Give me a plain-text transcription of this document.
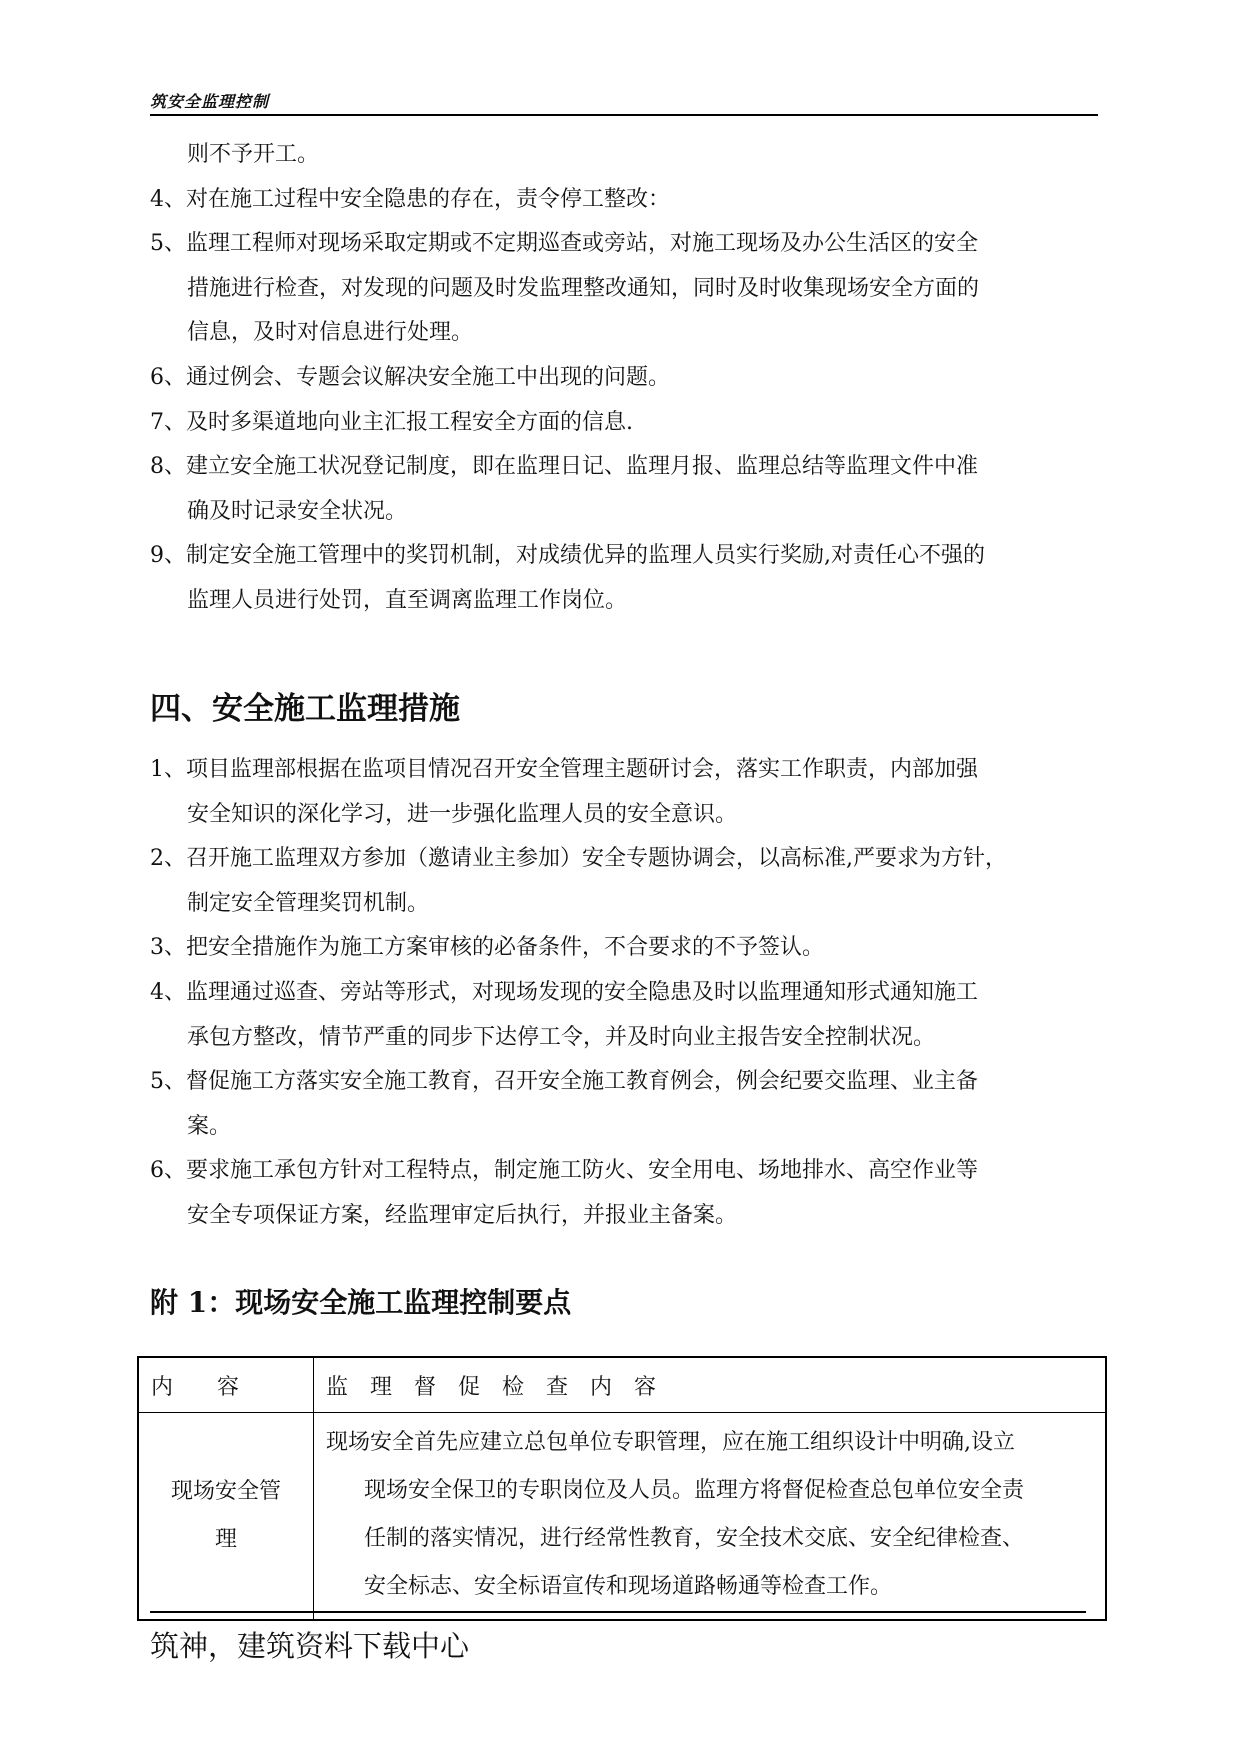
筑安全监理控制
则不予开工。
4、对在施工过程中安全隐患的存在，责令停工整改：
5、监理工程师对现场采取定期或不定期巡查或旁站，对施工现场及办公生活区的安全
措施进行检查，对发现的问题及时发监理整改通知，同时及时收集现场安全方面的
信息，及时对信息进行处理。
6、通过例会、专题会议解决安全施工中出现的问题。
7、及时多渠道地向业主汇报工程安全方面的信息.
8、建立安全施工状况登记制度，即在监理日记、监理月报、监理总结等监理文件中准
确及时记录安全状况。
9、制定安全施工管理中的奖罚机制，对成绩优异的监理人员实行奖励,对责任心不强的
监理人员进行处罚，直至调离监理工作岗位。
四、安全施工监理措施
1、项目监理部根据在监项目情况召开安全管理主题研讨会，落实工作职责，内部加强
安全知识的深化学习，进一步强化监理人员的安全意识。
2、召开施工监理双方参加（邀请业主参加）安全专题协调会，以高标准,严要求为方针，
制定安全管理奖罚机制。
3、把安全措施作为施工方案审核的必备条件，不合要求的不予签认。
4、监理通过巡查、旁站等形式，对现场发现的安全隐患及时以监理通知形式通知施工
承包方整改，情节严重的同步下达停工令，并及时向业主报告安全控制状况。
5、督促施工方落实安全施工教育，召开安全施工教育例会，例会纪要交监理、业主备
案。
6、要求施工承包方针对工程特点，制定施工防火、安全用电、场地排水、高空作业等
安全专项保证方案，经监理审定后执行，并报业主备案。
附 1：现场安全施工监理控制要点
内　　容	监　理　督　促　检　查　内　容
现场安全管
理	现场安全首先应建立总包单位专职管理，应在施工组织设计中明确,设立
现场安全保卫的专职岗位及人员。监理方将督促检查总包单位安全责
任制的落实情况，进行经常性教育，安全技术交底、安全纪律检查、
安全标志、安全标语宣传和现场道路畅通等检查工作。
筑神，建筑资料下载中心
